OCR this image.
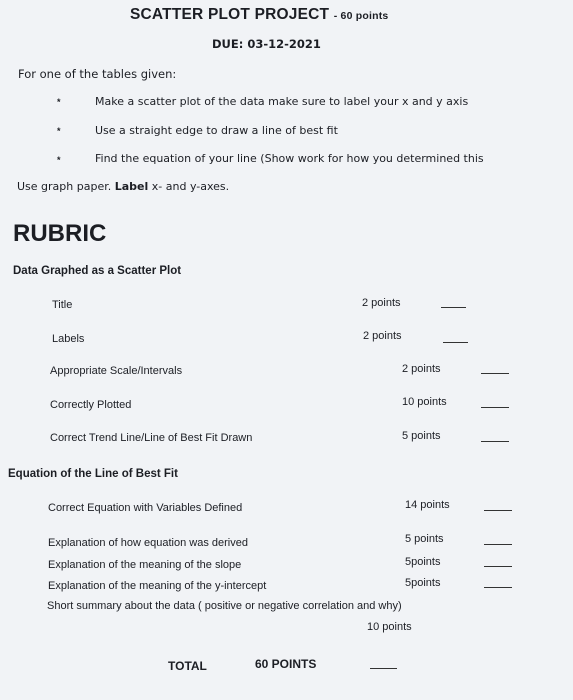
SCATTER PLOT PROJECT - 60 points
DUE: 03-12-2021
For one of the tables given:
*	Make a scatter plot of the data make sure to label your x and y axis
*	Use a straight edge to draw a line of best fit
*	Find the equation of your line (Show work for how you determined this
Use graph paper. Label x- and y-axes.
RUBRIC
Data Graphed as a Scatter Plot
Title	2 points
Labels	2 points
Appropriate Scale/Intervals	2 points
Correctly Plotted	10 points
Correct Trend Line/Line of Best Fit Drawn	5 points
Equation of the Line of Best Fit
Correct Equation with Variables Defined	14 points
Explanation of how equation was derived	5 points
Explanation of the meaning of the slope	5points
Explanation of the meaning of the y-intercept	5points
Short summary about the data ( positive or negative correlation and why)
10 points
TOTAL	60 POINTS
